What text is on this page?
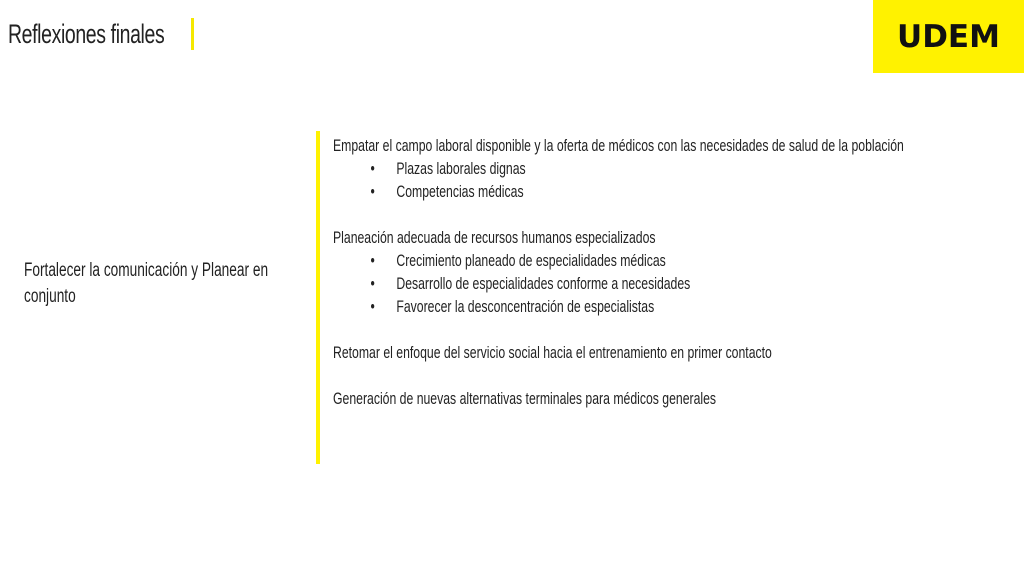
Reflexiones finales	UDEM
Fortalecer la comunicación y Planear en conjunto
Empatar el campo laboral disponible y la oferta de médicos con las necesidades de salud de la población
• Plazas laborales dignas
• Competencias médicas
Planeación adecuada de recursos humanos especializados
• Crecimiento planeado de especialidades médicas
• Desarrollo de especialidades conforme a necesidades
• Favorecer la desconcentración de especialistas
Retomar el enfoque del servicio social hacia el entrenamiento en primer contacto
Generación de nuevas alternativas terminales para médicos generales
